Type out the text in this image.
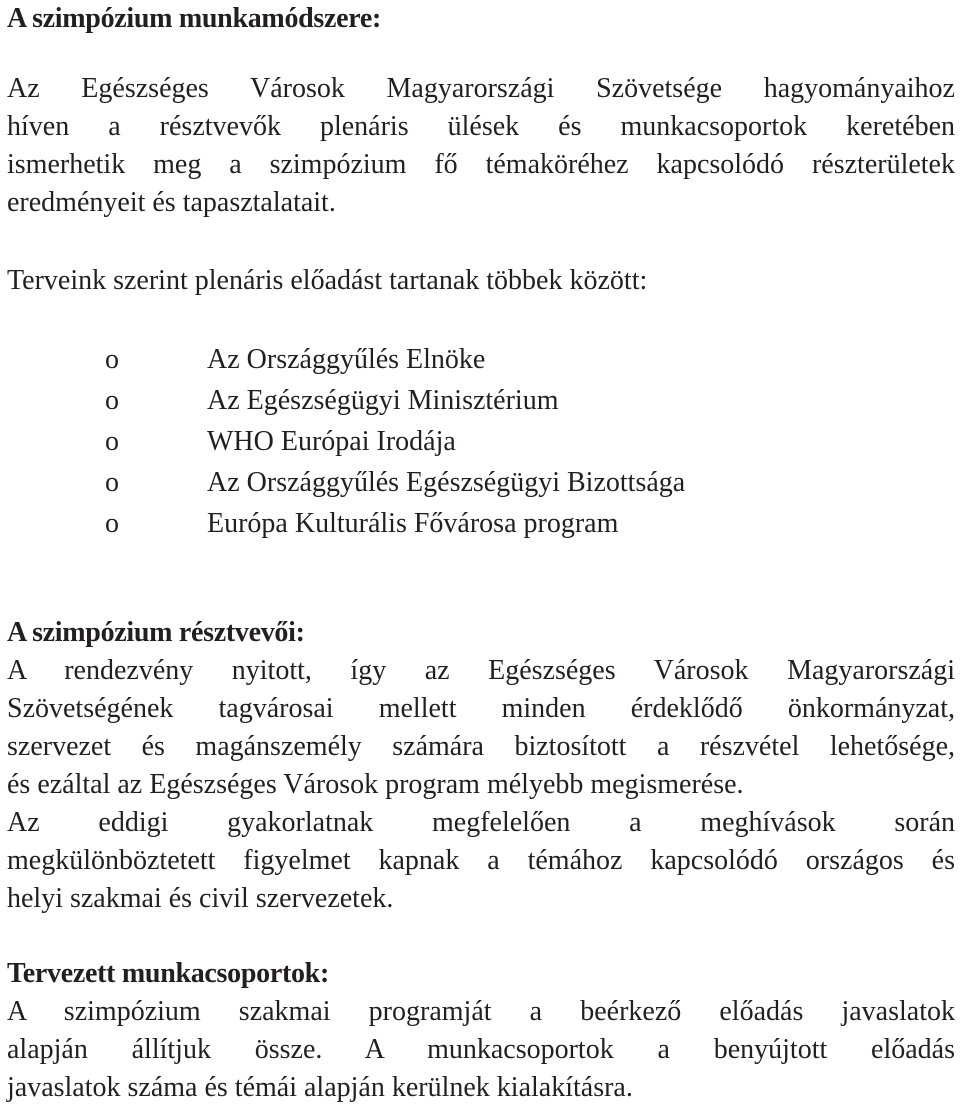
A szimpózium munkamódszere:
Az Egészséges Városok Magyarországi Szövetsége hagyományaihoz
híven a résztvevők plenáris ülések és munkacsoportok keretében
ismerhetik meg a szimpózium fő témaköréhez kapcsolódó részterületek
eredményeit és tapasztalatait.
Terveink szerint plenáris előadást tartanak többek között:
o	Az Országgyűlés Elnöke
o	Az Egészségügyi Minisztérium
o	WHO Európai Irodája
o	Az Országgyűlés Egészségügyi Bizottsága
o	Európa Kulturális Fővárosa program
A szimpózium résztvevői:
A rendezvény nyitott, így az Egészséges Városok Magyarországi
Szövetségének tagvárosai mellett minden érdeklődő önkormányzat,
szervezet és magánszemély számára biztosított a részvétel lehetősége,
és ezáltal az Egészséges Városok program mélyebb megismerése.
Az eddigi gyakorlatnak megfelelően a meghívások során
megkülönböztetett figyelmet kapnak a témához kapcsolódó országos és
helyi szakmai és civil szervezetek.
Tervezett munkacsoportok:
A szimpózium szakmai programját a beérkező előadás javaslatok
alapján állítjuk össze. A munkacsoportok a benyújtott előadás
javaslatok száma és témái alapján kerülnek kialakításra.
